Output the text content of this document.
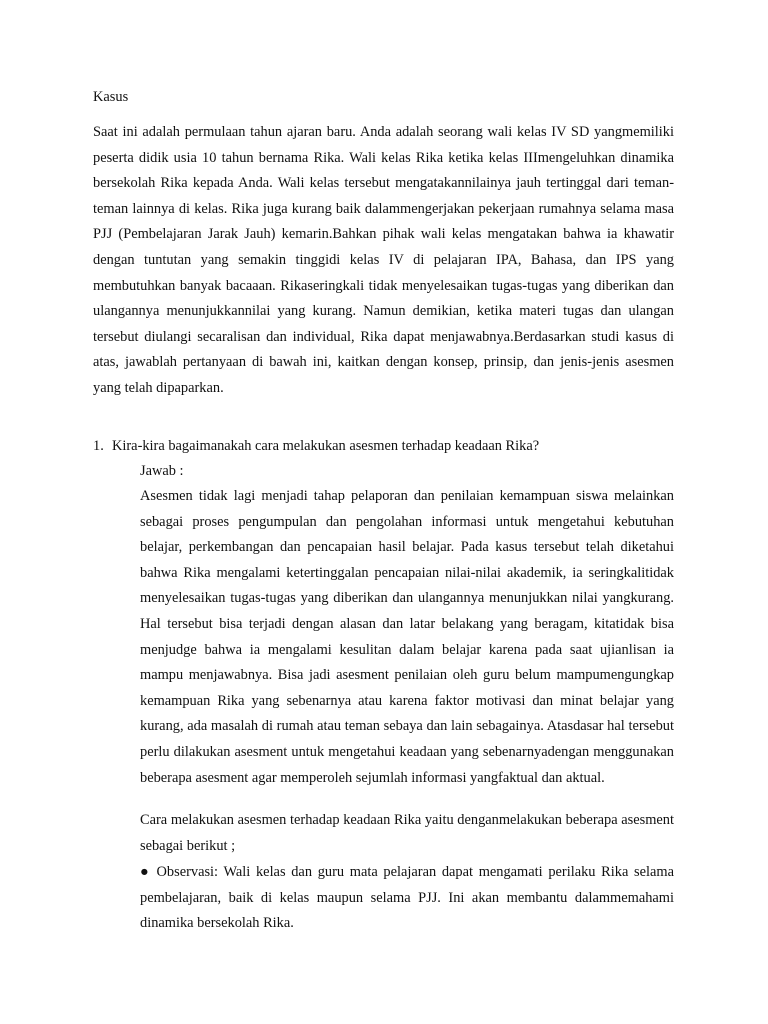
Kasus

Saat ini adalah permulaan tahun ajaran baru. Anda adalah seorang wali kelas IV SD yangmemiliki peserta didik usia 10 tahun bernama Rika. Wali kelas Rika ketika kelas IIImengeluhkan dinamika bersekolah Rika kepada Anda. Wali kelas tersebut mengatakannilainya jauh tertinggal dari teman-teman lainnya di kelas. Rika juga kurang baik dalammengerjakan pekerjaan rumahnya selama masa PJJ (Pembelajaran Jarak Jauh) kemarin.Bahkan pihak wali kelas mengatakan bahwa ia khawatir dengan tuntutan yang semakin tinggidi kelas IV di pelajaran IPA, Bahasa, dan IPS yang membutuhkan banyak bacaaan. Rikaseringkali tidak menyelesaikan tugas-tugas yang diberikan dan ulangannya menunjukkannilai yang kurang. Namun demikian, ketika materi tugas dan ulangan tersebut diulangi secaralisan dan individual, Rika dapat menjawabnya.Berdasarkan studi kasus di atas, jawablah pertanyaan di bawah ini, kaitkan dengan konsep, prinsip, dan jenis-jenis asesmen yang telah dipaparkan.

1. Kira-kira bagaimanakah cara melakukan asesmen terhadap keadaan Rika?
Jawab :

Asesmen tidak lagi menjadi tahap pelaporan dan penilaian kemampuan siswa melainkan sebagai proses pengumpulan dan pengolahan informasi untuk mengetahui kebutuhan belajar, perkembangan dan pencapaian hasil belajar. Pada kasus tersebut telah diketahui bahwa Rika mengalami ketertinggalan pencapaian nilai-nilai akademik, ia seringkalitidak menyelesaikan tugas-tugas yang diberikan dan ulangannya menunjukkan nilai yangkurang. Hal tersebut bisa terjadi dengan alasan dan latar belakang yang beragam, kitatidak bisa menjudge bahwa ia mengalami kesulitan dalam belajar karena pada saat ujianlisan ia mampu menjawabnya. Bisa jadi asesment penilaian oleh guru belum mampumengungkap kemampuan Rika yang sebenarnya atau karena faktor motivasi dan minat belajar yang kurang, ada masalah di rumah atau teman sebaya dan lain sebagainya. Atasdasar hal tersebut perlu dilakukan asesment untuk mengetahui keadaan yang sebenarnyadengan menggunakan beberapa asesment agar memperoleh sejumlah informasi yangfaktual dan aktual.

Cara melakukan asesmen terhadap keadaan Rika yaitu denganmelakukan beberapa asesment sebagai berikut ;

● Observasi: Wali kelas dan guru mata pelajaran dapat mengamati perilaku Rika selama pembelajaran, baik di kelas maupun selama PJJ. Ini akan membantu dalammemahami dinamika bersekolah Rika.
